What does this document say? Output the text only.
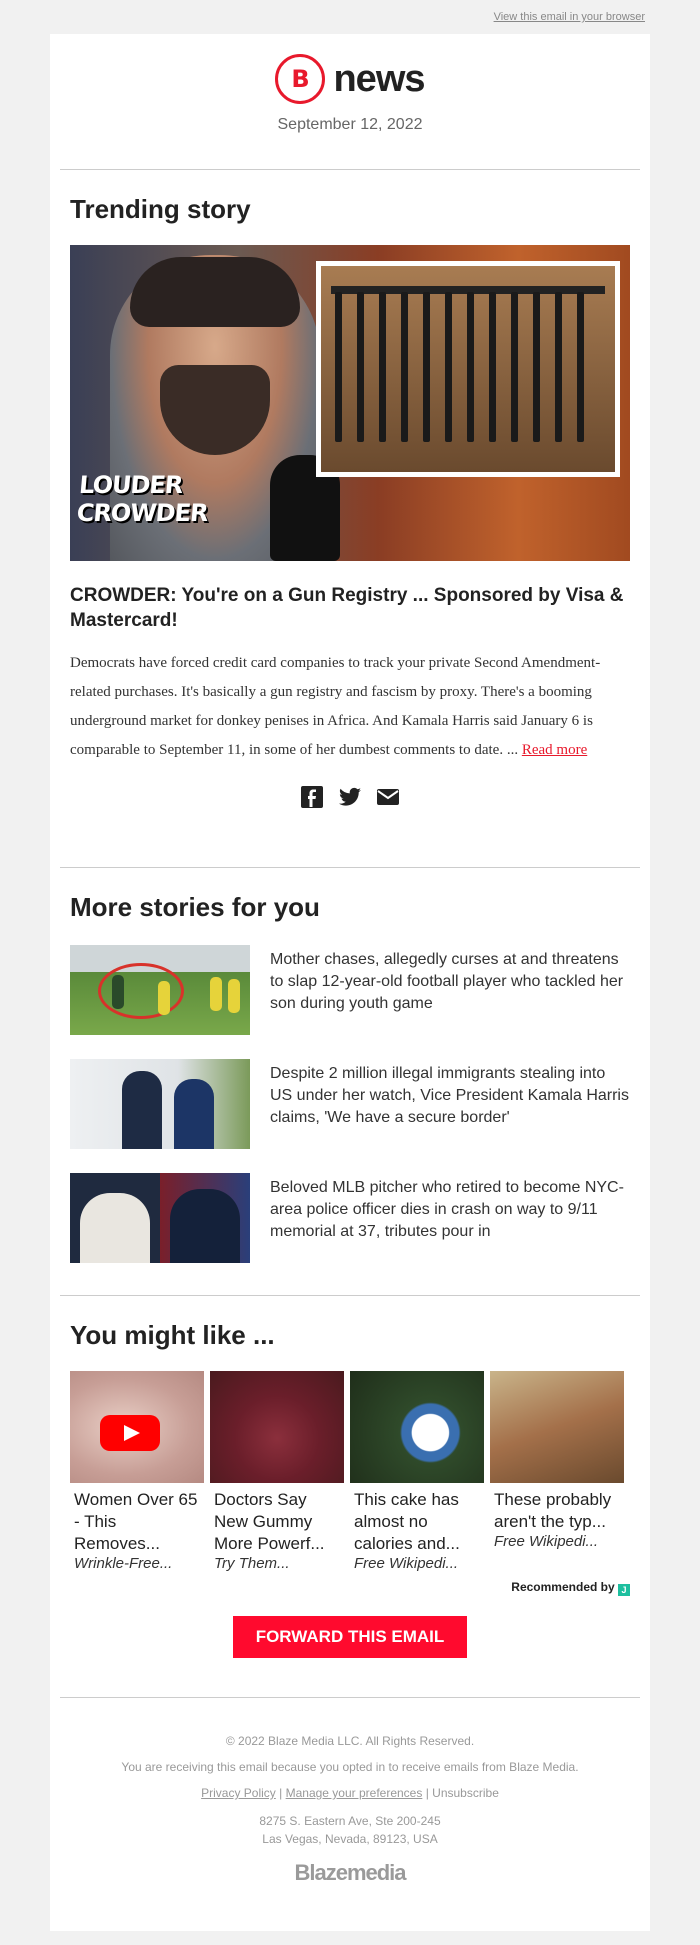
View this email in your browser
B news
September 12, 2022
Trending story
LOUDER
CROWDER
CROWDER: You're on a Gun Registry ... Sponsored by Visa & Mastercard!
Democrats have forced credit card companies to track your private Second Amendment-related purchases. It's basically a gun registry and fascism by proxy. There's a booming underground market for donkey penises in Africa. And Kamala Harris said January 6 is comparable to September 11, in some of her dumbest comments to date. ... Read more
More stories for you
Mother chases, allegedly curses at and threatens to slap 12-year-old football player who tackled her son during youth game
Despite 2 million illegal immigrants stealing into US under her watch, Vice President Kamala Harris claims, 'We have a secure border'
Beloved MLB pitcher who retired to become NYC-area police officer dies in crash on way to 9/11 memorial at 37, tributes pour in
You might like ...
Women Over 65 - This Removes...
Wrinkle-Free...
Doctors Say New Gummy More Powerf...
Try Them...
This cake has almost no calories and...
Free Wikipedi...
These probably aren't the typ...
Free Wikipedi...
Recommended by J
FORWARD THIS EMAIL
© 2022 Blaze Media LLC. All Rights Reserved.
You are receiving this email because you opted in to receive emails from Blaze Media.
Privacy Policy | Manage your preferences | Unsubscribe
8275 S. Eastern Ave, Ste 200-245
Las Vegas, Nevada, 89123, USA
Blazemedia
